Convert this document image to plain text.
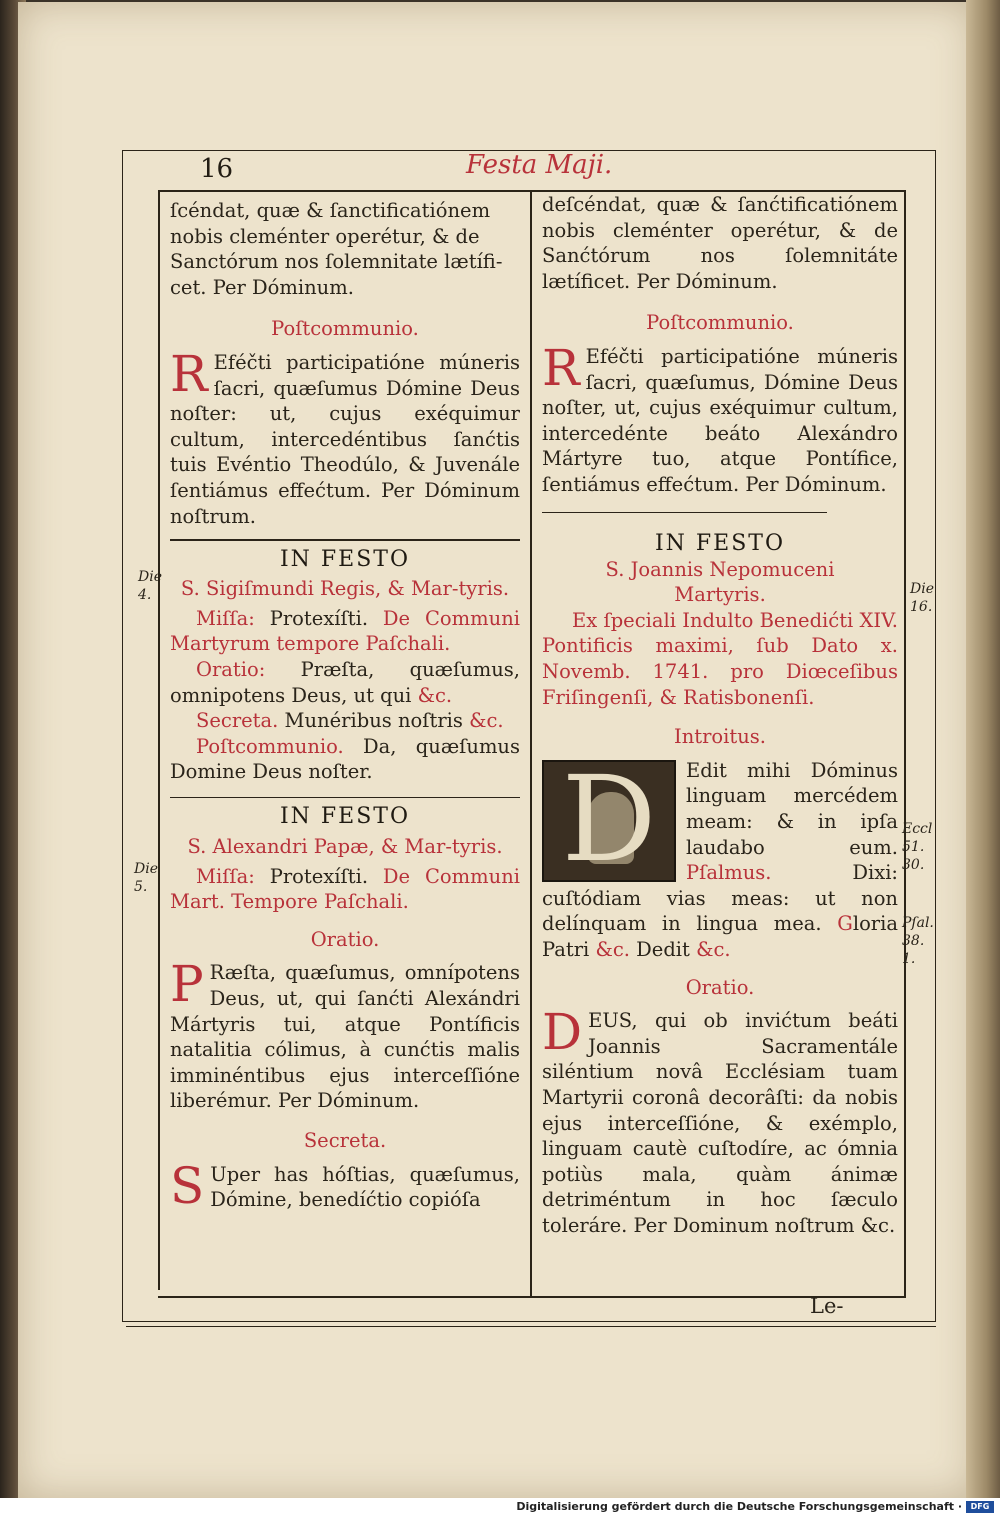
16	Festa Maji.
ſcéndat, quæ & ſanctificatiónem
nobis cleménter operétur, & de
Sanctórum nos ſolemnitate lætífi-
cet. Per Dóminum.
Poſtcommunio.

R Eféčti participatióne múneris ſacri, quæſumus Dómine Deus noſter: ut, cujus exéquimur cultum, intercedéntibus ſanćtis tuis Evéntio Theodúlo, & Juvenále ſentiámus effećtum. Per Dóminum noſtrum.

IN FESTO
S. Sigiſmundi Regis, & Mar-tyris.

Miſſa: Protexíſti. De Communi Martyrum tempore Paſchali.

Oratio: Præſta, quæſumus, omnipotens Deus, ut qui &c.

Secreta. Munéribus noſtris &c.

Poſtcommunio. Da, quæſumus Domine Deus noſter.

IN FESTO
S. Alexandri Papæ, & Mar-tyris.

Miſſa: Protexíſti. De Communi Mart. Tempore Paſchali.

Oratio.

P Ræſta, quæſumus, omnípotens Deus, ut, qui ſanćti Alexándri Mártyris tui, atque Pontíficis natalitia cólimus, à cunćtis malis imminéntibus ejus interceſſióne liberémur. Per Dóminum.

Secreta.

S Uper has hóſtias, quæſumus, Dómine, benedíćtio copióſa

deſcéndat, quæ & ſanćtificatiónem nobis cleménter operétur, & de Sanćtórum nos ſolemnitáte lætíficet. Per Dóminum.

Poſtcommunio.

R Eféčti participatióne múneris ſacri, quæſumus, Dómine Deus noſter, ut, cujus exéquimur cultum, intercedénte beáto Alexándro Mártyre tuo, atque Pontífice, ſentiámus effećtum. Per Dóminum.

IN FESTO
S. Joannis Nepomuceni
Martyris.

Ex ſpeciali Indulto Benedićti XIV. Pontificis maximi, ſub Dato x. Novemb. 1741. pro Diœceſibus Friſingenſi, & Ratisbonenſi.

Introitus.

D	Edit mihi Dóminus linguam mercédem meam: & in ipſa laudabo eum. Pſalmus. Dixi: cuſtódiam vias meas: ut non delínquam in lingua mea. Gloria Patri &c. Dedit &c.

Oratio.

DEUS, qui ob invićtum beáti Joannis Sacramentále siléntium novâ Ecclésiam tuam Martyrii coronâ decorâſti: da nobis ejus interceſſióne, & exémplo, linguam cautè cuſtodíre, ac ómnia potiùs mala, quàm ánimæ detriméntum in hoc ſæculo toleráre. Per Dominum noſtrum &c.

Die
4.
Die
5.
Die
16.
Eccl
51.
30.
Pſal.
38.
1.
Le-
Digitalisierung gefördert durch die Deutsche Forschungsgemeinschaft ·	DFG
